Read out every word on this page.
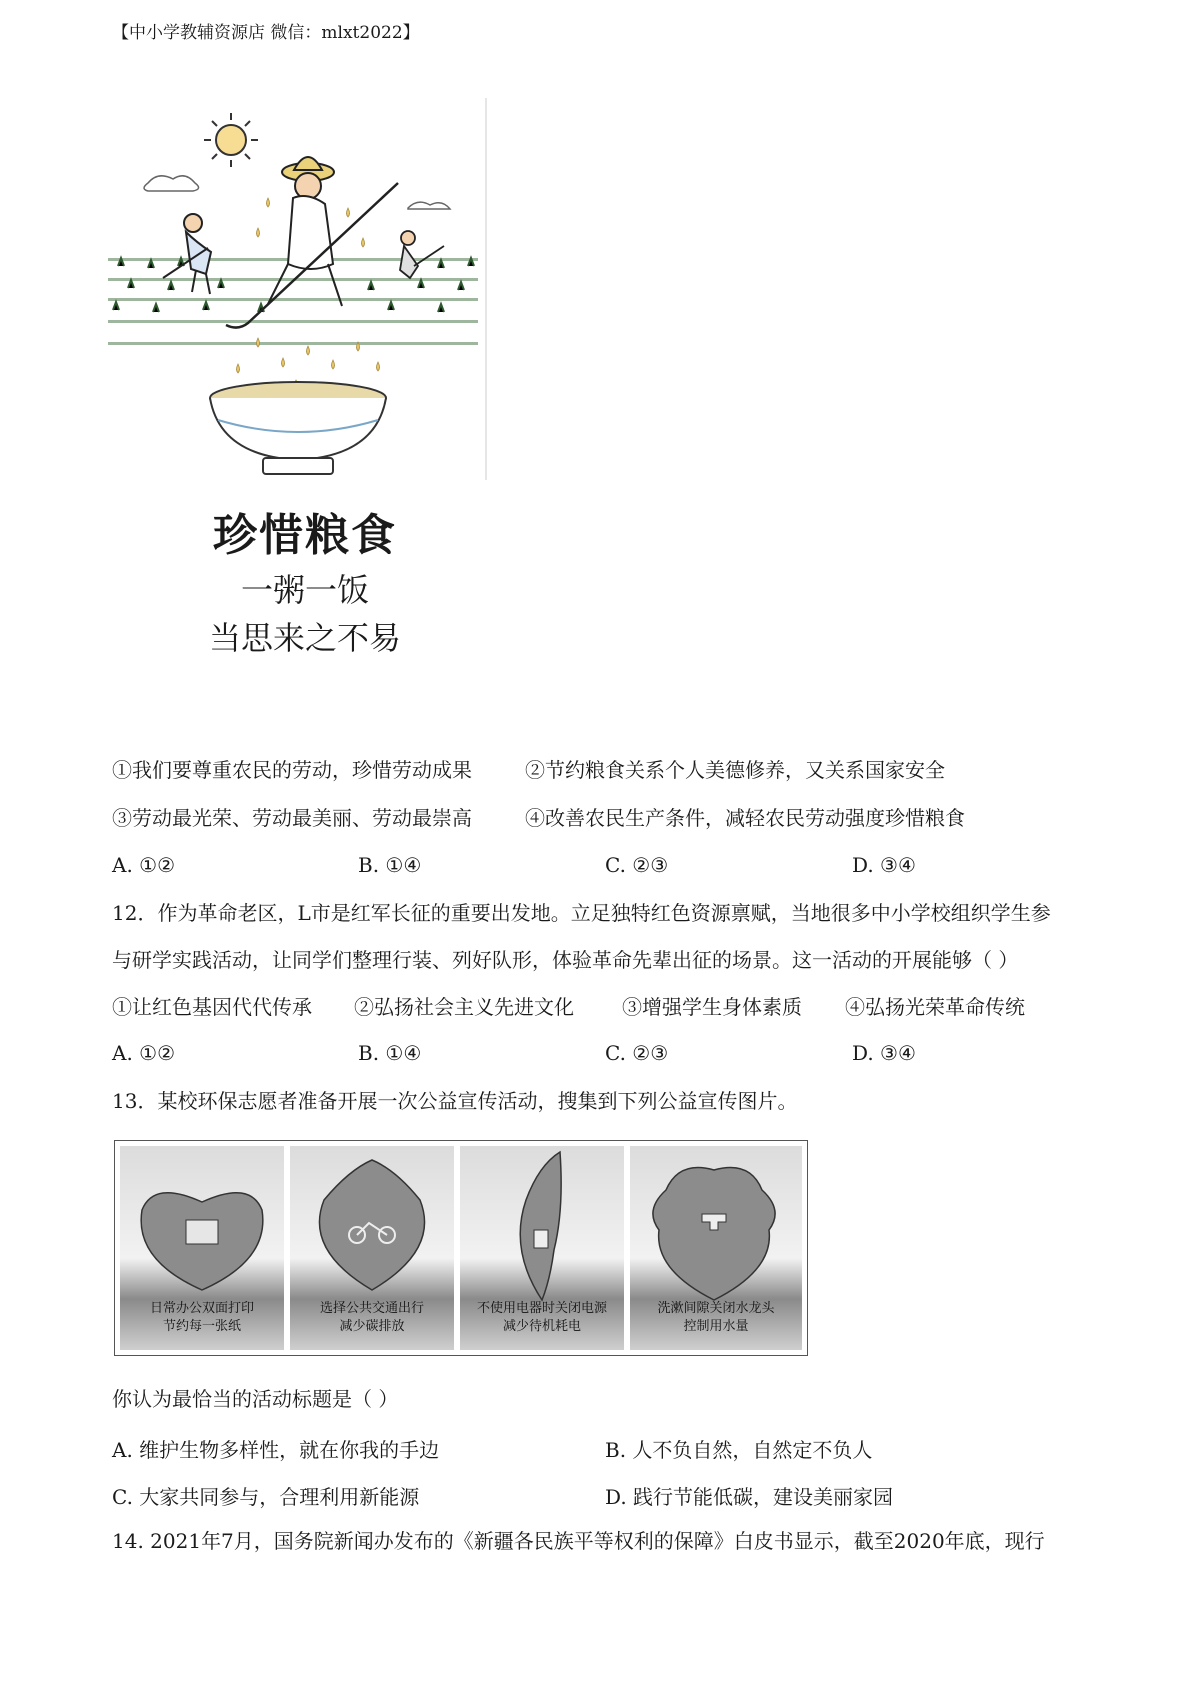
【中小学教辅资源店 微信：mlxt2022】
珍惜粮食
一粥一饭
当思来之不易
①我们要尊重农民的劳动，珍惜劳动成果	②节约粮食关系个人美德修养，又关系国家安全
③劳动最光荣、劳动最美丽、劳动最崇高	④改善农民生产条件，减轻农民劳动强度珍惜粮食
A. ①②	B. ①④	C. ②③	D. ③④
12．作为革命老区，L市是红军长征的重要出发地。立足独特红色资源禀赋，当地很多中小学校组织学生参
与研学实践活动，让同学们整理行装、列好队形，体验革命先辈出征的场景。这一活动的开展能够（ ）
①让红色基因代代传承 ②弘扬社会主义先进文化 ③增强学生身体素质 ④弘扬光荣革命传统
A. ①②	B. ①④	C. ②③	D. ③④
13．某校环保志愿者准备开展一次公益宣传活动，搜集到下列公益宣传图片。
日常办公双面打印
节约每一张纸
选择公共交通出行
减少碳排放
不使用电器时关闭电源
减少待机耗电
洗漱间隙关闭水龙头
控制用水量
你认为最恰当的活动标题是（ ）
A. 维护生物多样性，就在你我的手边	B. 人不负自然，自然定不负人
C. 大家共同参与，合理利用新能源	D. 践行节能低碳，建设美丽家园
14. 2021年7月，国务院新闻办发布的《新疆各民族平等权利的保障》白皮书显示，截至2020年底，现行
